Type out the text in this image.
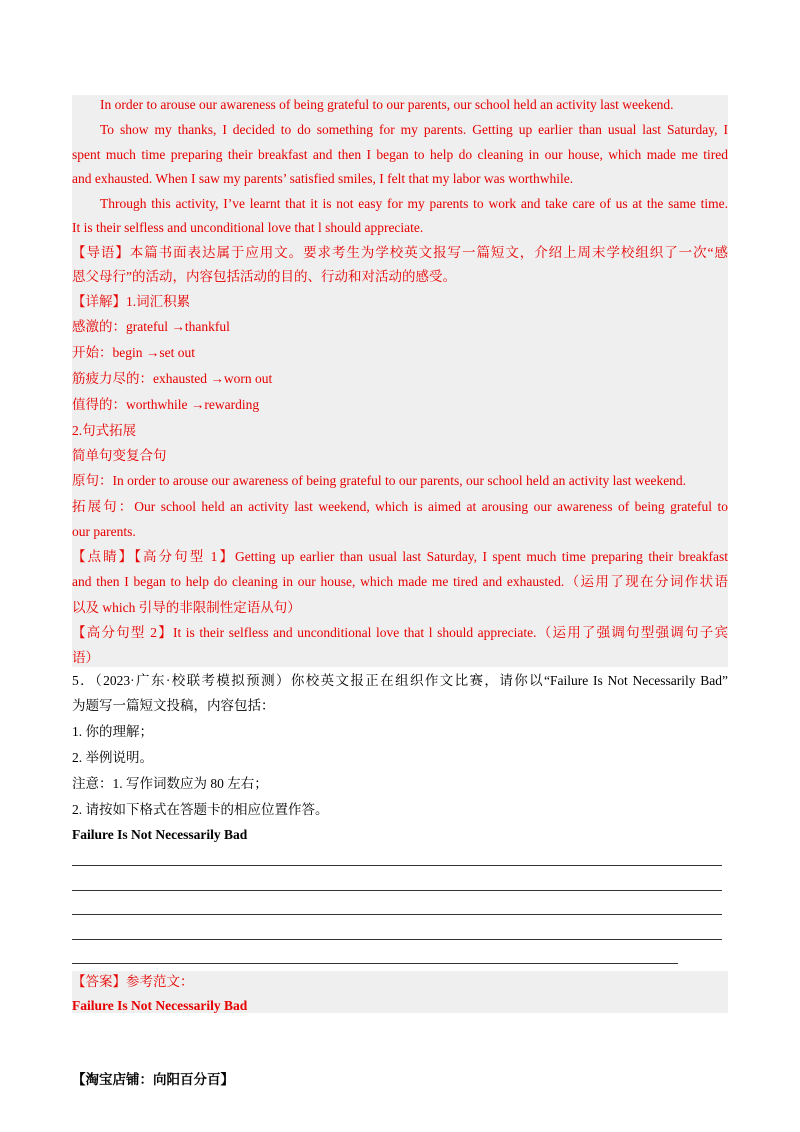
In order to arouse our awareness of being grateful to our parents, our school held an activity last weekend.
To show my thanks, I decided to do something for my parents. Getting up earlier than usual last Saturday, I
spent much time preparing their breakfast and then I began to help do cleaning in our house, which made me tired
and exhausted. When I saw my parents’ satisfied smiles, I felt that my labor was worthwhile.
Through this activity, I’ve learnt that it is not easy for my parents to work and take care of us at the same time.
It is their selfless and unconditional love that l should appreciate.
【导语】本篇书面表达属于应用文。要求考生为学校英文报写一篇短文，介绍上周末学校组织了一次“感
恩父母行”的活动，内容包括活动的目的、行动和对活动的感受。
【详解】1.词汇积累
感激的：grateful →thankful
开始：begin →set out
筋疲力尽的：exhausted →worn out
值得的：worthwhile →rewarding
2.句式拓展
简单句变复合句
原句：In order to arouse our awareness of being grateful to our parents, our school held an activity last weekend.
拓展句：Our school held an activity last weekend, which is aimed at arousing our awareness of being grateful to
our parents.
【点睛】【高分句型 1】Getting up earlier than usual last Saturday, I spent much time preparing their breakfast
and then I began to help do cleaning in our house, which made me tired and exhausted.（运用了现在分词作状语
以及 which 引导的非限制性定语从句）
【高分句型 2】It is their selfless and unconditional love that l should appreciate.（运用了强调句型强调句子宾
语）
5．（2023·广东·校联考模拟预测）你校英文报正在组织作文比赛，请你以“Failure Is Not Necessarily Bad”
为题写一篇短文投稿，内容包括：
1. 你的理解；
2. 举例说明。
注意：1. 写作词数应为 80 左右；
2. 请按如下格式在答题卡的相应位置作答。
Failure Is Not Necessarily Bad
【答案】参考范文：
Failure Is Not Necessarily Bad
【淘宝店铺：向阳百分百】
